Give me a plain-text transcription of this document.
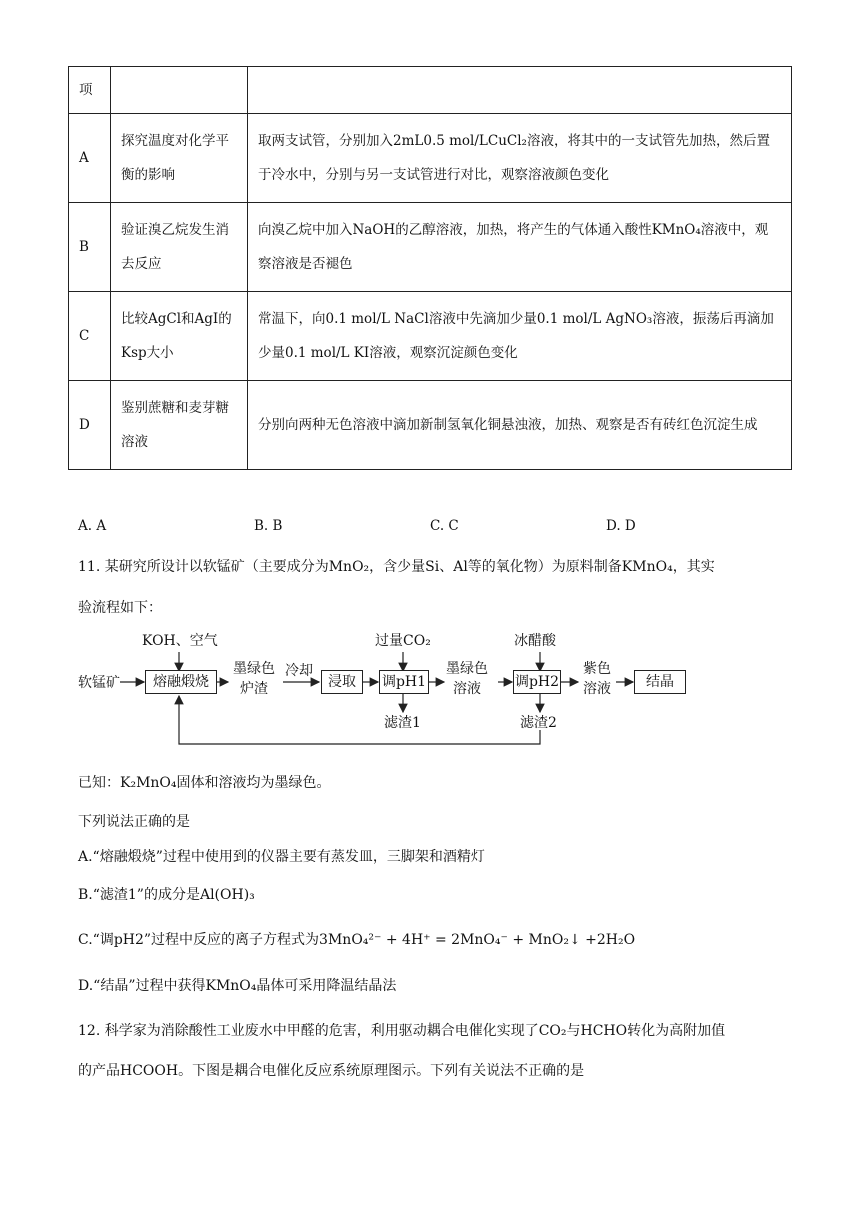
项		
A	探究温度对化学平衡的影响	取两支试管，分别加入2mL0.5 mol/LCuCl₂溶液，将其中的一支试管先加热，然后置于冷水中，分别与另一支试管进行对比，观察溶液颜色变化
B	验证溴乙烷发生消去反应	向溴乙烷中加入NaOH的乙醇溶液，加热，将产生的气体通入酸性KMnO₄溶液中，观察溶液是否褪色
C	比较AgCl和AgI的Ksp大小	常温下，向0.1 mol/L NaCl溶液中先滴加少量0.1 mol/L AgNO₃溶液，振荡后再滴加少量0.1 mol/L KI溶液，观察沉淀颜色变化
D	鉴别蔗糖和麦芽糖溶液	分别向两种无色溶液中滴加新制氢氧化铜悬浊液，加热、观察是否有砖红色沉淀生成
A. A	B. B	C. C	D. D
11. 某研究所设计以软锰矿（主要成分为MnO₂，含少量Si、Al等的氧化物）为原料制备KMnO₄，其实
验流程如下：
软锰矿	熔融煅烧
KOH、空气
墨绿色
炉渣
冷却
浸取	调pH1
过量CO₂
滤渣1
墨绿色
溶液 调pH2
冰醋酸
滤渣2
紫色
溶液	结晶
已知：K₂MnO₄固体和溶液均为墨绿色。
下列说法正确的是
A.“熔融煅烧”过程中使用到的仪器主要有蒸发皿，三脚架和酒精灯
B.“滤渣1”的成分是Al(OH)₃
C.“调pH2”过程中反应的离子方程式为3MnO₄²⁻ + 4H⁺ = 2MnO₄⁻ + MnO₂↓ +2H₂O
D.“结晶”过程中获得KMnO₄晶体可采用降温结晶法
12. 科学家为消除酸性工业废水中甲醛的危害，利用驱动耦合电催化实现了CO₂与HCHO转化为高附加值
的产品HCOOH。下图是耦合电催化反应系统原理图示。下列有关说法不正确的是
